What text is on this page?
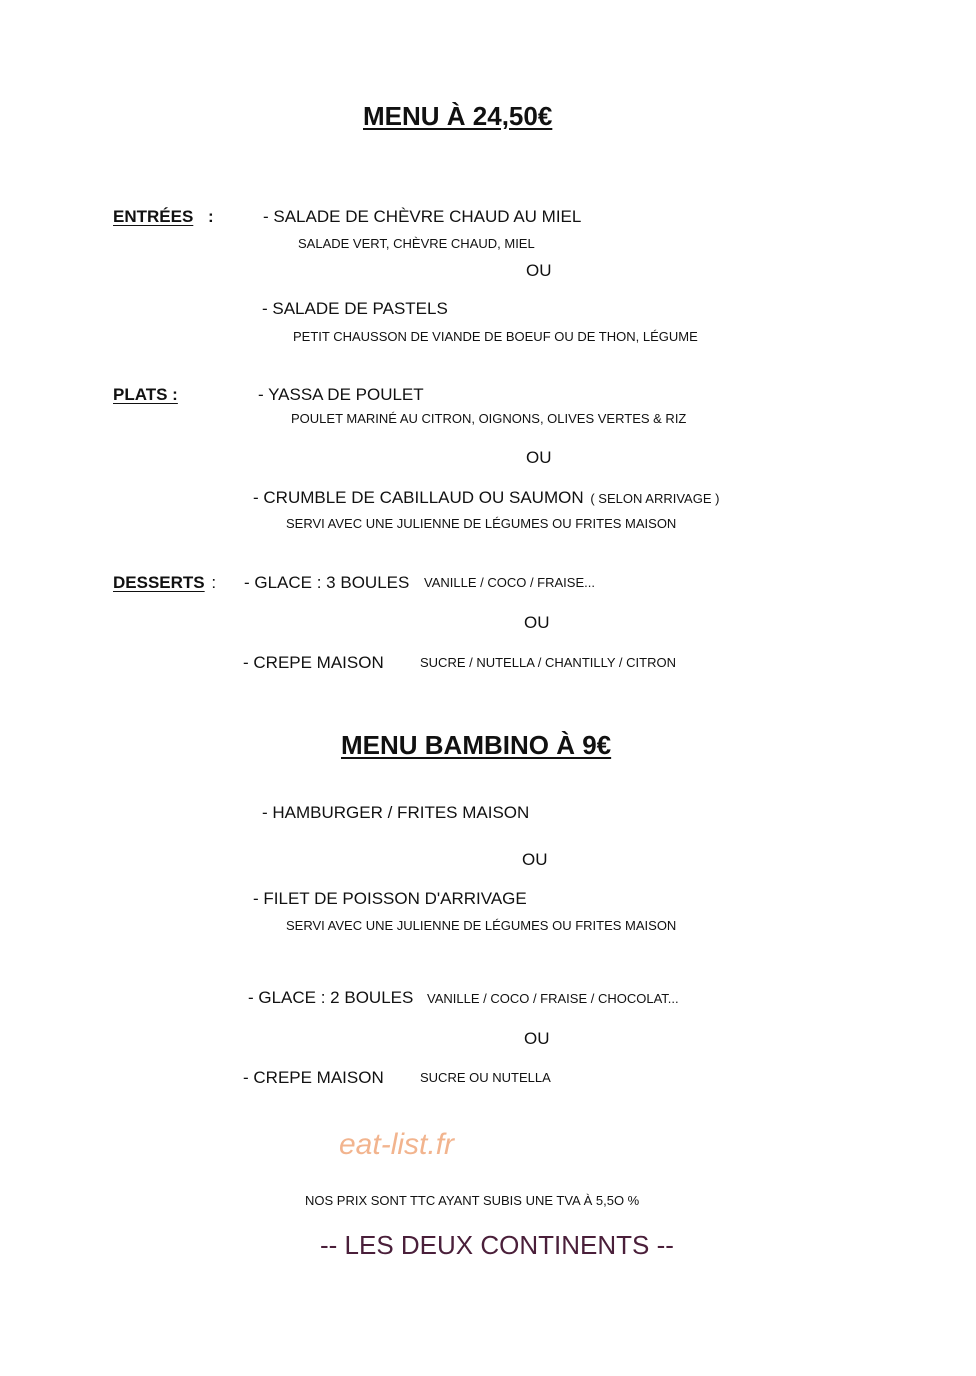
MENU À 24,50€
ENTRÉES :	- SALADE DE CHÈVRE CHAUD AU MIEL
SALADE VERT, CHÈVRE CHAUD, MIEL
OU
- SALADE DE PASTELS
PETIT CHAUSSON DE VIANDE DE BOEUF OU DE THON, LÉGUME
PLATS :	- YASSA DE POULET
POULET MARINÉ AU CITRON, OIGNONS, OLIVES VERTES & RIZ
OU
- CRUMBLE DE CABILLAUD OU SAUMON ( SELON ARRIVAGE )
SERVI AVEC UNE JULIENNE DE LÉGUMES OU FRITES MAISON
DESSERTS : - GLACE : 3 BOULES VANILLE / COCO / FRAISE...
OU
- CREPE MAISON	SUCRE / NUTELLA / CHANTILLY / CITRON
MENU BAMBINO À 9€
- HAMBURGER / FRITES MAISON
OU
- FILET DE POISSON D'ARRIVAGE
SERVI AVEC UNE JULIENNE DE LÉGUMES OU FRITES MAISON
- GLACE : 2 BOULES VANILLE / COCO / FRAISE / CHOCOLAT...
OU
- CREPE MAISON	SUCRE OU NUTELLA
eat-list.fr
NOS PRIX SONT TTC AYANT SUBIS UNE TVA À 5,5O %
-- LES DEUX CONTINENTS --
